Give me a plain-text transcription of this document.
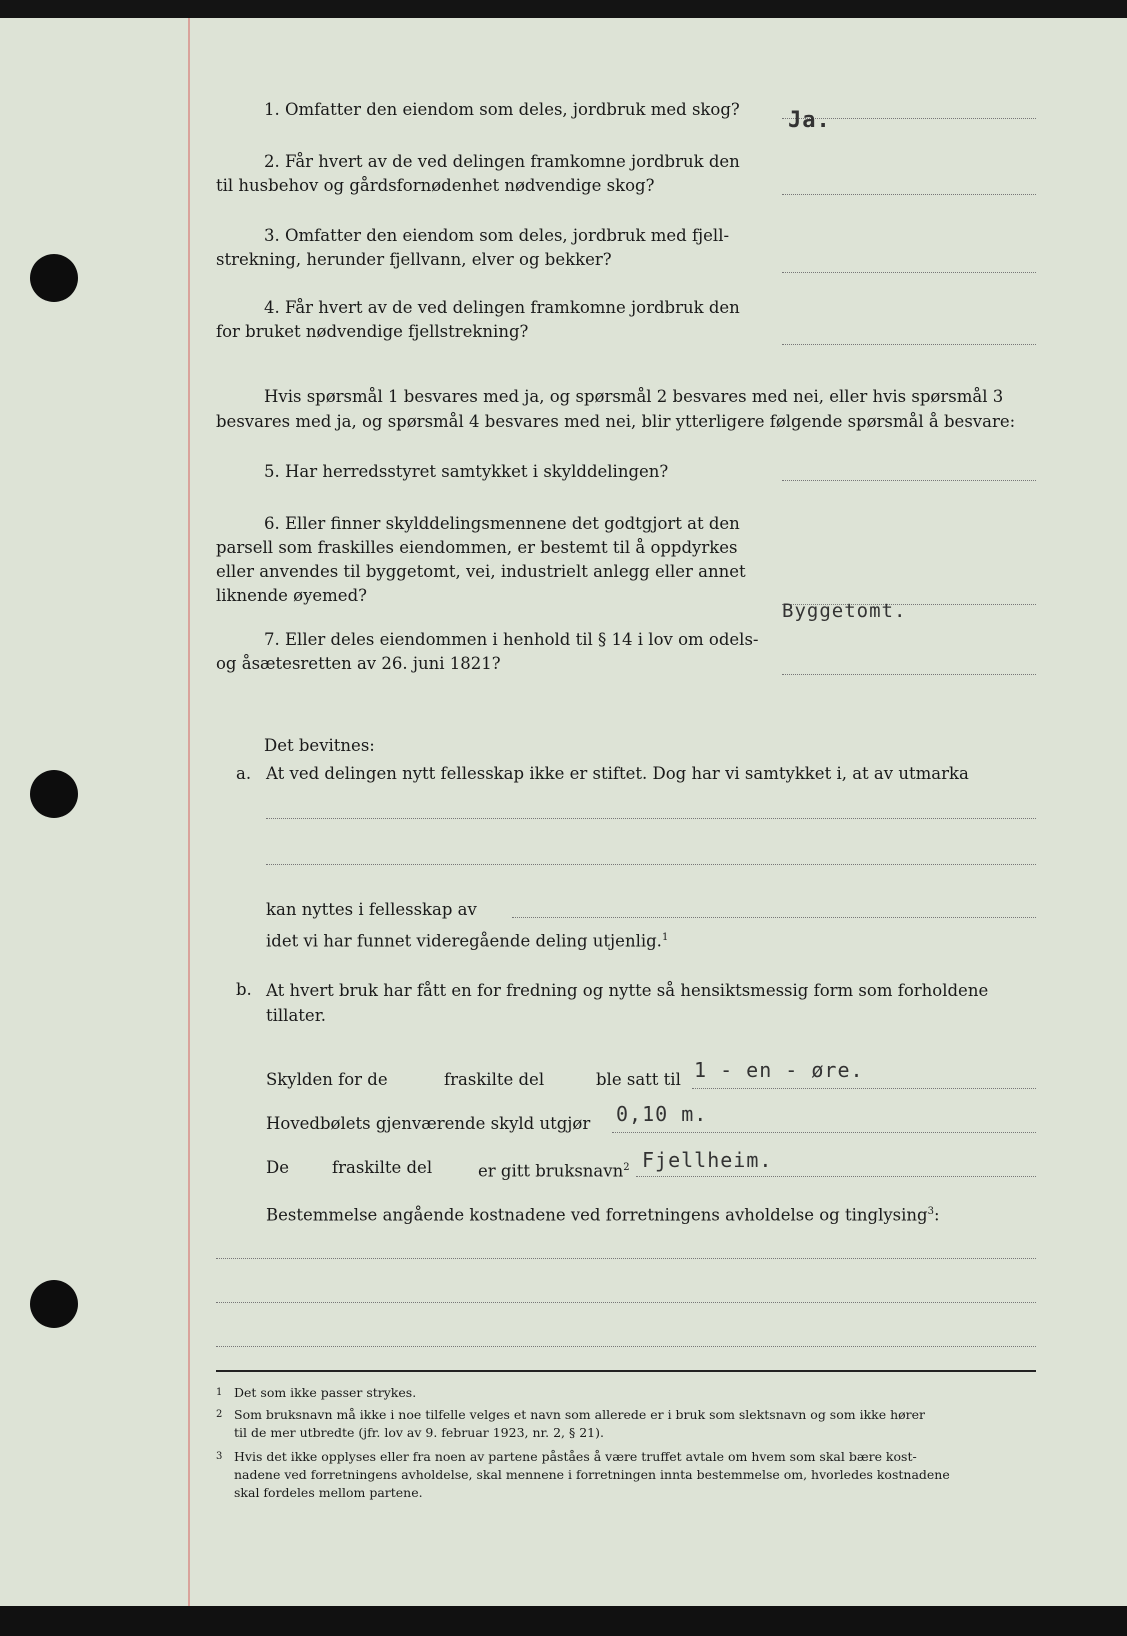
1. Omfatter den eiendom som deles, jordbruk med skog?	Ja.
2. Får hvert av de ved delingen framkomne jordbruk den
til husbehov og gårdsfornødenhet nødvendige skog?
3. Omfatter den eiendom som deles, jordbruk med fjell-
strekning, herunder fjellvann, elver og bekker?
4. Får hvert av de ved delingen framkomne jordbruk den
for bruket nødvendige fjellstrekning?
Hvis spørsmål 1 besvares med ja, og spørsmål 2 besvares med nei, eller hvis spørsmål 3
besvares med ja, og spørsmål 4 besvares med nei, blir ytterligere følgende spørsmål å besvare:
5. Har herredsstyret samtykket i skylddelingen?
6. Eller finner skylddelingsmennene det godtgjort at den
parsell som fraskilles eiendommen, er bestemt til å oppdyrkes
eller anvendes til byggetomt, vei, industrielt anlegg eller annet
liknende øyemed?
Byggetomt.
7. Eller deles eiendommen i henhold til § 14 i lov om odels-
og åsætesretten av 26. juni 1821?
Det bevitnes:
a. At ved delingen nytt fellesskap ikke er stiftet. Dog har vi samtykket i, at av utmarka
kan nyttes i fellesskap av
idet vi har funnet videregående deling utjenlig.$^1$
b. At hvert bruk har fått en for fredning og nytte så hensiktsmessig form som forholdene
tillater.
Skylden for de	fraskilte del	ble satt til 1 - en - øre.
Hovedbølets gjenværende skyld utgjør 0,10 m.
De	fraskilte del	er gitt bruksnavn$^2$ Fjellheim.
Bestemmelse angående kostnadene ved forretningens avholdelse og tinglysing$^3$:
1 Det som ikke passer strykes.
2 Som bruksnavn må ikke i noe tilfelle velges et navn som allerede er i bruk som slektsnavn og som ikke hører
til de mer utbredte (jfr. lov av 9. februar 1923, nr. 2, § 21).
3 Hvis det ikke opplyses eller fra noen av partene påståes å være truffet avtale om hvem som skal bære kost-
nadene ved forretningens avholdelse, skal mennene i forretningen innta bestemmelse om, hvorledes kostnadene
skal fordeles mellom partene.
